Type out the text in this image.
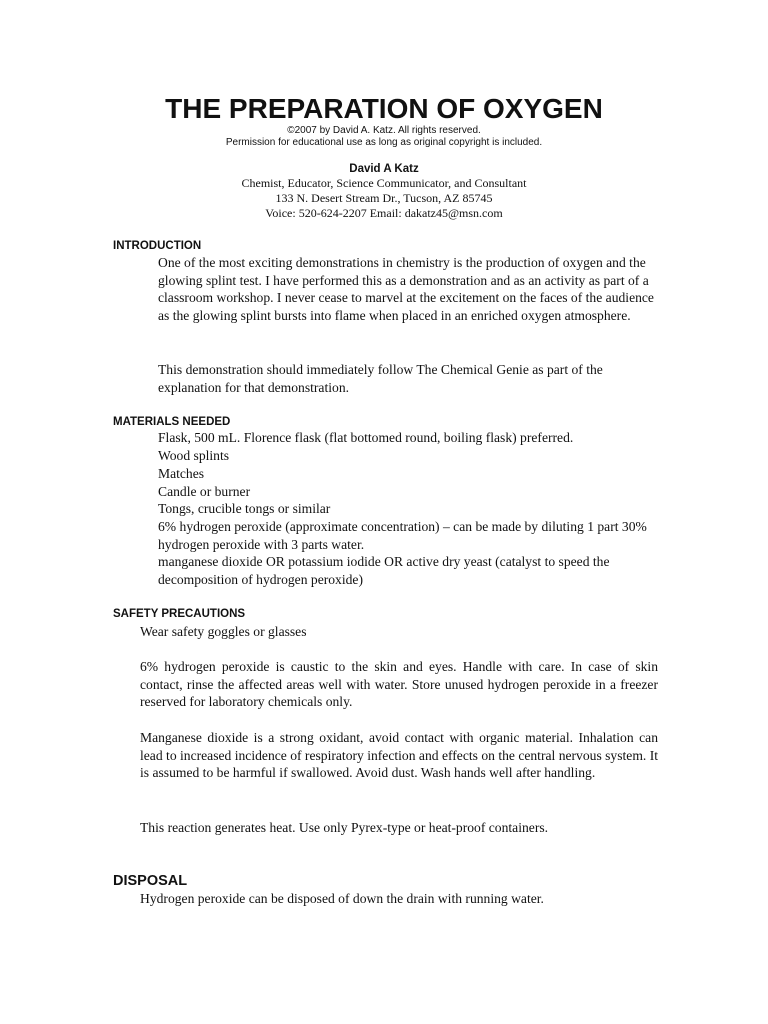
THE PREPARATION OF OXYGEN
©2007 by David A. Katz. All rights reserved.
Permission for educational use as long as original copyright is included.
David A Katz
Chemist, Educator, Science Communicator, and Consultant
133 N. Desert Stream Dr., Tucson, AZ 85745
Voice: 520-624-2207 Email: dakatz45@msn.com
INTRODUCTION
One of the most exciting demonstrations in chemistry is the production of oxygen and the glowing splint test. I have performed this as a demonstration and as an activity as part of a classroom workshop. I never cease to marvel at the excitement on the faces of the audience as the glowing splint bursts into flame when placed in an enriched oxygen atmosphere.
This demonstration should immediately follow The Chemical Genie as part of the explanation for that demonstration.
MATERIALS NEEDED
Flask, 500 mL. Florence flask (flat bottomed round, boiling flask) preferred.
Wood splints
Matches
Candle or burner
Tongs, crucible tongs or similar
6% hydrogen peroxide (approximate concentration) – can be made by diluting 1 part 30% hydrogen peroxide with 3 parts water.
manganese dioxide OR potassium iodide OR active dry yeast (catalyst to speed the decomposition of hydrogen peroxide)
SAFETY PRECAUTIONS
Wear safety goggles or glasses
6% hydrogen peroxide is caustic to the skin and eyes. Handle with care. In case of skin contact, rinse the affected areas well with water. Store unused hydrogen peroxide in a freezer reserved for laboratory chemicals only.
Manganese dioxide is a strong oxidant, avoid contact with organic material. Inhalation can lead to increased incidence of respiratory infection and effects on the central nervous system. It is assumed to be harmful if swallowed. Avoid dust. Wash hands well after handling.
This reaction generates heat. Use only Pyrex-type or heat-proof containers.
DISPOSAL
Hydrogen peroxide can be disposed of down the drain with running water.
